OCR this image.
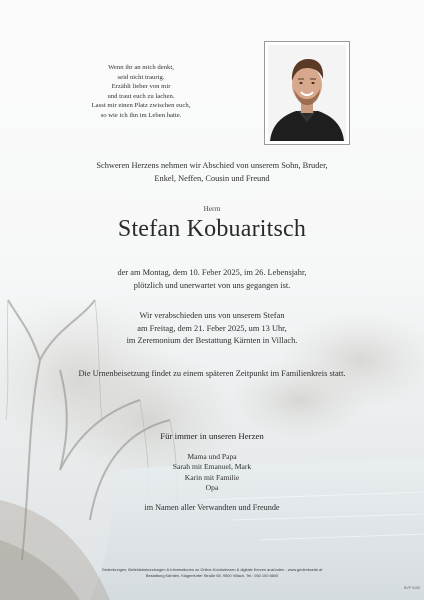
Wenn ihr an mich denkt,
seid nicht traurig.
Erzählt lieber von mir
und traut euch zu lachen.
Lasst mir einen Platz zwischen euch,
so wie ich ihn im Leben hatte.
Schweren Herzens nehmen wir Abschied von unserem Sohn, Bruder,
Enkel, Neffen, Cousin und Freund
Herrn
Stefan Kobuaritsch
der am Montag, dem 10. Feber 2025, im 26. Lebensjahr,
plötzlich und unerwartet von uns gegangen ist.
Wir verabschieden uns von unserem Stefan
am Freitag, dem 21. Feber 2025, um 13 Uhr,
im Zeremonium der Bestattung Kärnten in Villach.
Die Urnenbeisetzung findet zu einem späteren Zeitpunkt im Familienkreis statt.
Für immer in unseren Herzen
Mama und Papa
Sarah mit Emanuel, Mark
Karin mit Familie
Opa
im Namen aller Verwandten und Freunde
Gedenkungen, Beileidsbekundungen & Informationen zu Online-Kondolenzen & digitale Kerzen anzünden - www.gedenkseite.at
Bestattung Kärnten, Klagenfurter Straße 65, 9500 Villach, Tel.: 050 100 6600
BVP 9150
